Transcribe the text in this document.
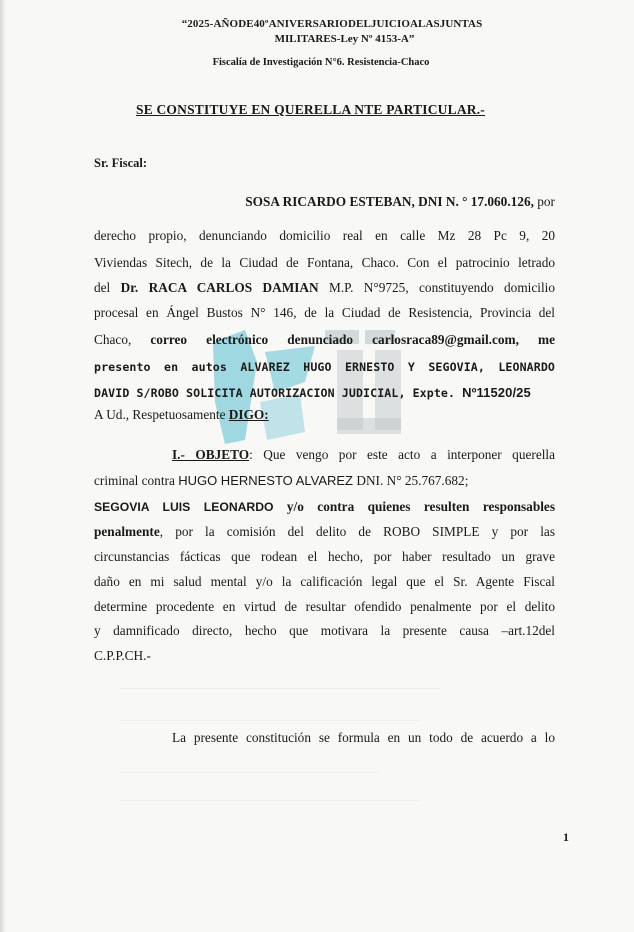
“2025-AÑODE40ºANIVERSARIODELJUICIOALASJUNTAS
MILITARES-Ley Nº 4153-A”
Fiscalía de Investigación N°6. Resistencia-Chaco
SE CONSTITUYE EN QUERELLA NTE PARTICULAR.-
Sr. Fiscal:
SOSA RICARDO ESTEBAN, DNI N. ° 17.060.126, por
derecho propio, denunciando domicilio real en calle Mz 28 Pc 9, 20
Viviendas Sitech, de la Ciudad de Fontana, Chaco. Con el patrocinio letrado
del Dr. RACA CARLOS DAMIAN M.P. N°9725, constituyendo domicilio
procesal en Ángel Bustos N° 146, de la Ciudad de Resistencia, Provincia del
Chaco, correo electrónico denunciado carlosraca89@gmail.com, me
presento en autos ALVAREZ HUGO ERNESTO Y SEGOVIA, LEONARDO
DAVID S/ROBO SOLICITA AUTORIZACION JUDICIAL, Expte. Nº11520/25
A Ud., Respetuosamente DIGO:
I.- OBJETO: Que vengo por este acto a interponer querella
criminal contra HUGO HERNESTO ALVAREZ DNI. N° 25.767.682;
SEGOVIA LUIS LEONARDO y/o contra quienes resulten responsables
penalmente, por la comisión del delito de ROBO SIMPLE y por las
circunstancias fácticas que rodean el hecho, por haber resultado un grave
daño en mi salud mental y/o la calificación legal que el Sr. Agente Fiscal
determine procedente en virtud de resultar ofendido penalmente por el delito
y damnificado directo, hecho que motivara la presente causa –art.12del
C.P.P.CH.-
La presente constitución se formula en un todo de acuerdo a lo
1
